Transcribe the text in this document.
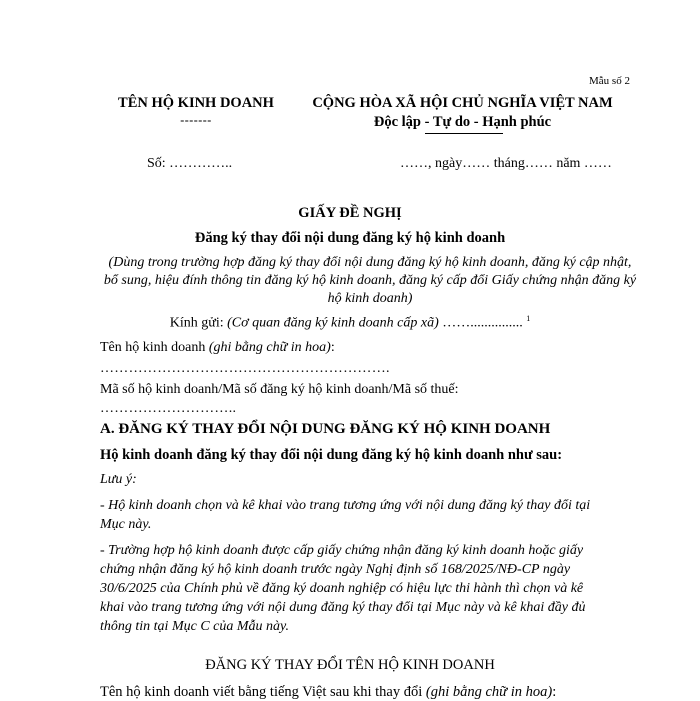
Mẫu số 2
TÊN HỘ KINH DOANH
-------
CỘNG HÒA XÃ HỘI CHỦ NGHĨA VIỆT NAM
Độc lập - Tự do - Hạnh phúc
Số: …………..	……, ngày…… tháng…… năm ……
GIẤY ĐỀ NGHỊ
Đăng ký thay đổi nội dung đăng ký hộ kinh doanh
(Dùng trong trường hợp đăng ký thay đổi nội dung đăng ký hộ kinh doanh, đăng ký cập nhật, bổ sung, hiệu đính thông tin đăng ký hộ kinh doanh, đăng ký cấp đổi Giấy chứng nhận đăng ký hộ kinh doanh)
Kính gửi: (Cơ quan đăng ký kinh doanh cấp xã) ……............... $^1$
Tên hộ kinh doanh (ghi bằng chữ in hoa):
…………………………………………………….
Mã số hộ kinh doanh/Mã số đăng ký hộ kinh doanh/Mã số thuế:
………………………..
A. ĐĂNG KÝ THAY ĐỔI NỘI DUNG ĐĂNG KÝ HỘ KINH DOANH
Hộ kinh doanh đăng ký thay đổi nội dung đăng ký hộ kinh doanh như sau:
Lưu ý:
- Hộ kinh doanh chọn và kê khai vào trang tương ứng với nội dung đăng ký thay đổi tại Mục này.
- Trường hợp hộ kinh doanh được cấp giấy chứng nhận đăng ký kinh doanh hoặc giấy chứng nhận đăng ký hộ kinh doanh trước ngày Nghị định số 168/2025/NĐ-CP ngày 30/6/2025 của Chính phủ về đăng ký doanh nghiệp có hiệu lực thi hành thì chọn và kê khai vào trang tương ứng với nội dung đăng ký thay đổi tại Mục này và kê khai đầy đủ thông tin tại Mục C của Mẫu này.
ĐĂNG KÝ THAY ĐỔI TÊN HỘ KINH DOANH
Tên hộ kinh doanh viết bằng tiếng Việt sau khi thay đổi (ghi bằng chữ in hoa):
